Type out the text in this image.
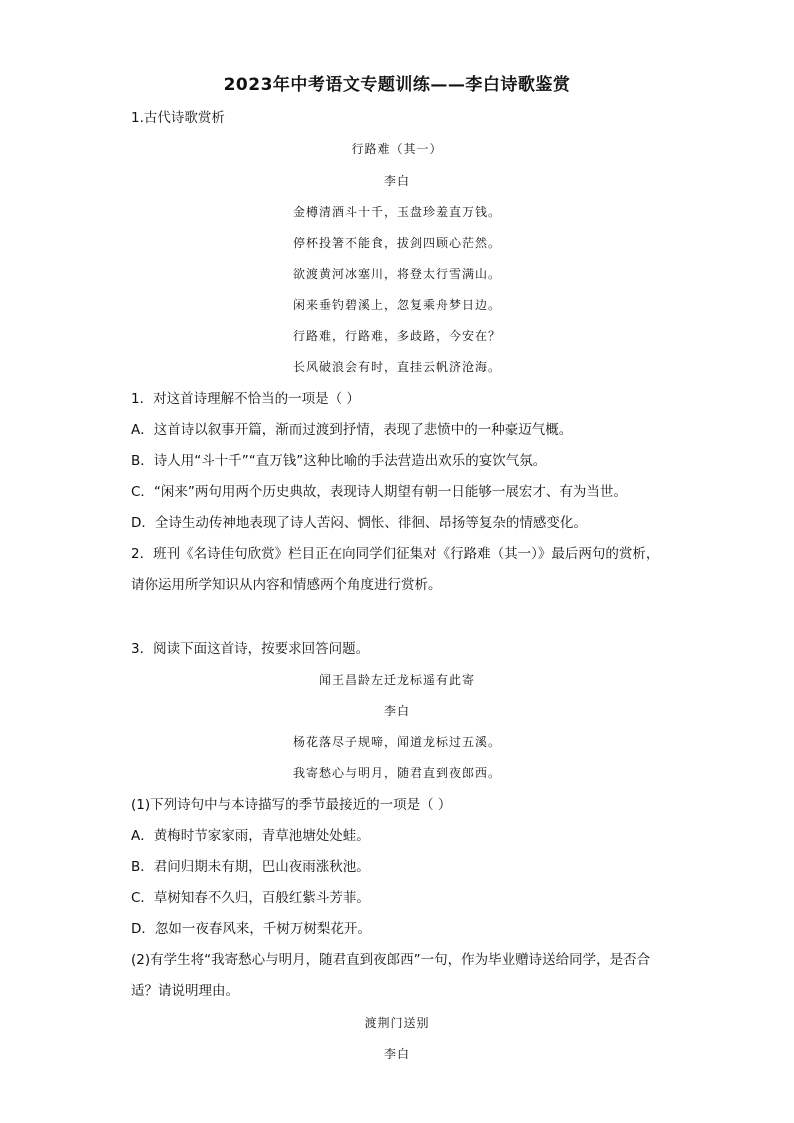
2023年中考语文专题训练——李白诗歌鉴赏
1.古代诗歌赏析
行路难（其一）
李白
金樽清酒斗十千，玉盘珍羞直万钱。
停杯投箸不能食，拔剑四顾心茫然。
欲渡黄河冰塞川，将登太行雪满山。
闲来垂钓碧溪上，忽复乘舟梦日边。
行路难，行路难，多歧路，今安在？
长风破浪会有时，直挂云帆济沧海。
1．对这首诗理解不恰当的一项是（ ）
A．这首诗以叙事开篇，渐而过渡到抒情，表现了悲愤中的一种豪迈气概。
B．诗人用“斗十千”“直万钱”这种比喻的手法营造出欢乐的宴饮气氛。
C．“闲来”两句用两个历史典故，表现诗人期望有朝一日能够一展宏才、有为当世。
D．全诗生动传神地表现了诗人苦闷、惆怅、徘徊、昂扬等复杂的情感变化。
2．班刊《名诗佳句欣赏》栏目正在向同学们征集对《行路难（其一）》最后两句的赏析，
请你运用所学知识从内容和情感两个角度进行赏析。
3．阅读下面这首诗，按要求回答问题。
闻王昌龄左迁龙标遥有此寄
李白
杨花落尽子规啼，闻道龙标过五溪。
我寄愁心与明月，随君直到夜郎西。
(1)下列诗句中与本诗描写的季节最接近的一项是（ ）
A．黄梅时节家家雨，青草池塘处处蛙。
B．君问归期未有期，巴山夜雨涨秋池。
C．草树知春不久归，百般红紫斗芳菲。
D．忽如一夜春风来，千树万树梨花开。
(2)有学生将“我寄愁心与明月，随君直到夜郎西”一句，作为毕业赠诗送给同学，是否合
适？请说明理由。
渡荆门送别
李白
